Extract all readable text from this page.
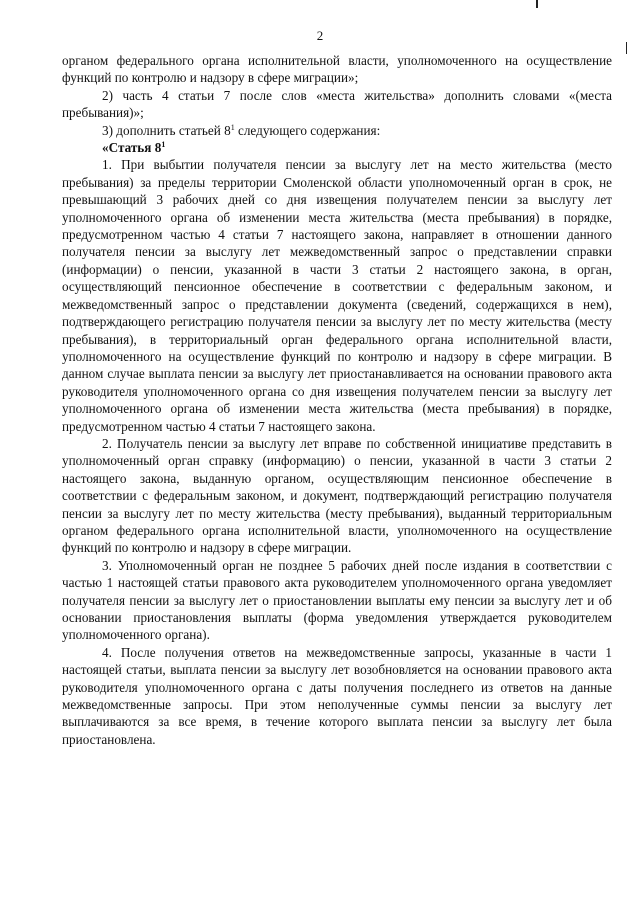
2

органом федерального органа исполнительной власти, уполномоченного на осуществление функций по контролю и надзору в сфере миграции»;

2) часть 4 статьи 7 после слов «места жительства» дополнить словами «(места пребывания)»;

3) дополнить статьей $8^1$ следующего содержания:

«Статья $8^1$

1. При выбытии получателя пенсии за выслугу лет на место жительства (место пребывания) за пределы территории Смоленской области уполномоченный орган в срок, не превышающий 3 рабочих дней со дня извещения получателем пенсии за выслугу лет уполномоченного органа об изменении места жительства (места пребывания) в порядке, предусмотренном частью 4 статьи 7 настоящего закона, направляет в отношении данного получателя пенсии за выслугу лет межведомственный запрос о представлении справки (информации) о пенсии, указанной в части 3 статьи 2 настоящего закона, в орган, осуществляющий пенсионное обеспечение в соответствии с федеральным законом, и межведомственный запрос о представлении документа (сведений, содержащихся в нем), подтверждающего регистрацию получателя пенсии за выслугу лет по месту жительства (месту пребывания), в территориальный орган федерального органа исполнительной власти, уполномоченного на осуществление функций по контролю и надзору в сфере миграции. В данном случае выплата пенсии за выслугу лет приостанавливается на основании правового акта руководителя уполномоченного органа со дня извещения получателем пенсии за выслугу лет уполномоченного органа об изменении места жительства (места пребывания) в порядке, предусмотренном частью 4 статьи 7 настоящего закона.

2. Получатель пенсии за выслугу лет вправе по собственной инициативе представить в уполномоченный орган справку (информацию) о пенсии, указанной в части 3 статьи 2 настоящего закона, выданную органом, осуществляющим пенсионное обеспечение в соответствии с федеральным законом, и документ, подтверждающий регистрацию получателя пенсии за выслугу лет по месту жительства (месту пребывания), выданный территориальным органом федерального органа исполнительной власти, уполномоченного на осуществление функций по контролю и надзору в сфере миграции.

3. Уполномоченный орган не позднее 5 рабочих дней после издания в соответствии с частью 1 настоящей статьи правового акта руководителем уполномоченного органа уведомляет получателя пенсии за выслугу лет о приостановлении выплаты ему пенсии за выслугу лет и об основании приостановления выплаты (форма уведомления утверждается руководителем уполномоченного органа).

4. После получения ответов на межведомственные запросы, указанные в части 1 настоящей статьи, выплата пенсии за выслугу лет возобновляется на основании правового акта руководителя уполномоченного органа с даты получения последнего из ответов на данные межведомственные запросы. При этом неполученные суммы пенсии за выслугу лет выплачиваются за все время, в течение которого выплата пенсии за выслугу лет была приостановлена.
